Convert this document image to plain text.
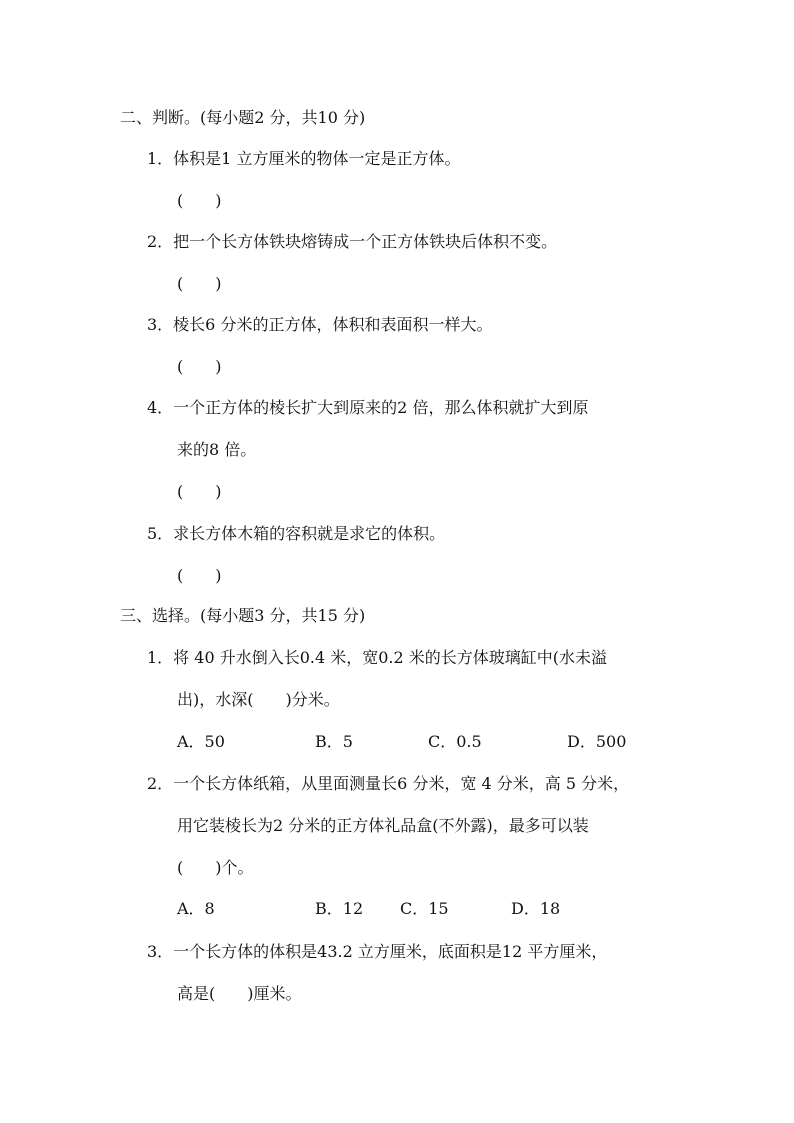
二、判断。(每小题2 分，共10 分)
1．体积是1 立方厘米的物体一定是正方体。
(　　)
2．把一个长方体铁块熔铸成一个正方体铁块后体积不变。
(　　)
3．棱长6 分米的正方体，体积和表面积一样大。
(　　)
4．一个正方体的棱长扩大到原来的2 倍，那么体积就扩大到原
来的8 倍。
(　　)
5．求长方体木箱的容积就是求它的体积。
(　　)
三、选择。(每小题3 分，共15 分)
1．将 40 升水倒入长0.4 米，宽0.2 米的长方体玻璃缸中(水未溢
出)，水深(　　)分米。
A．50	B．5	C．0.5	D．500
2．一个长方体纸箱，从里面测量长6 分米，宽 4 分米，高 5 分米，
用它装棱长为2 分米的正方体礼品盒(不外露)，最多可以装
(　　)个。
A．8	B．12 C．15	D．18
3．一个长方体的体积是43.2 立方厘米，底面积是12 平方厘米，
高是(　　)厘米。
